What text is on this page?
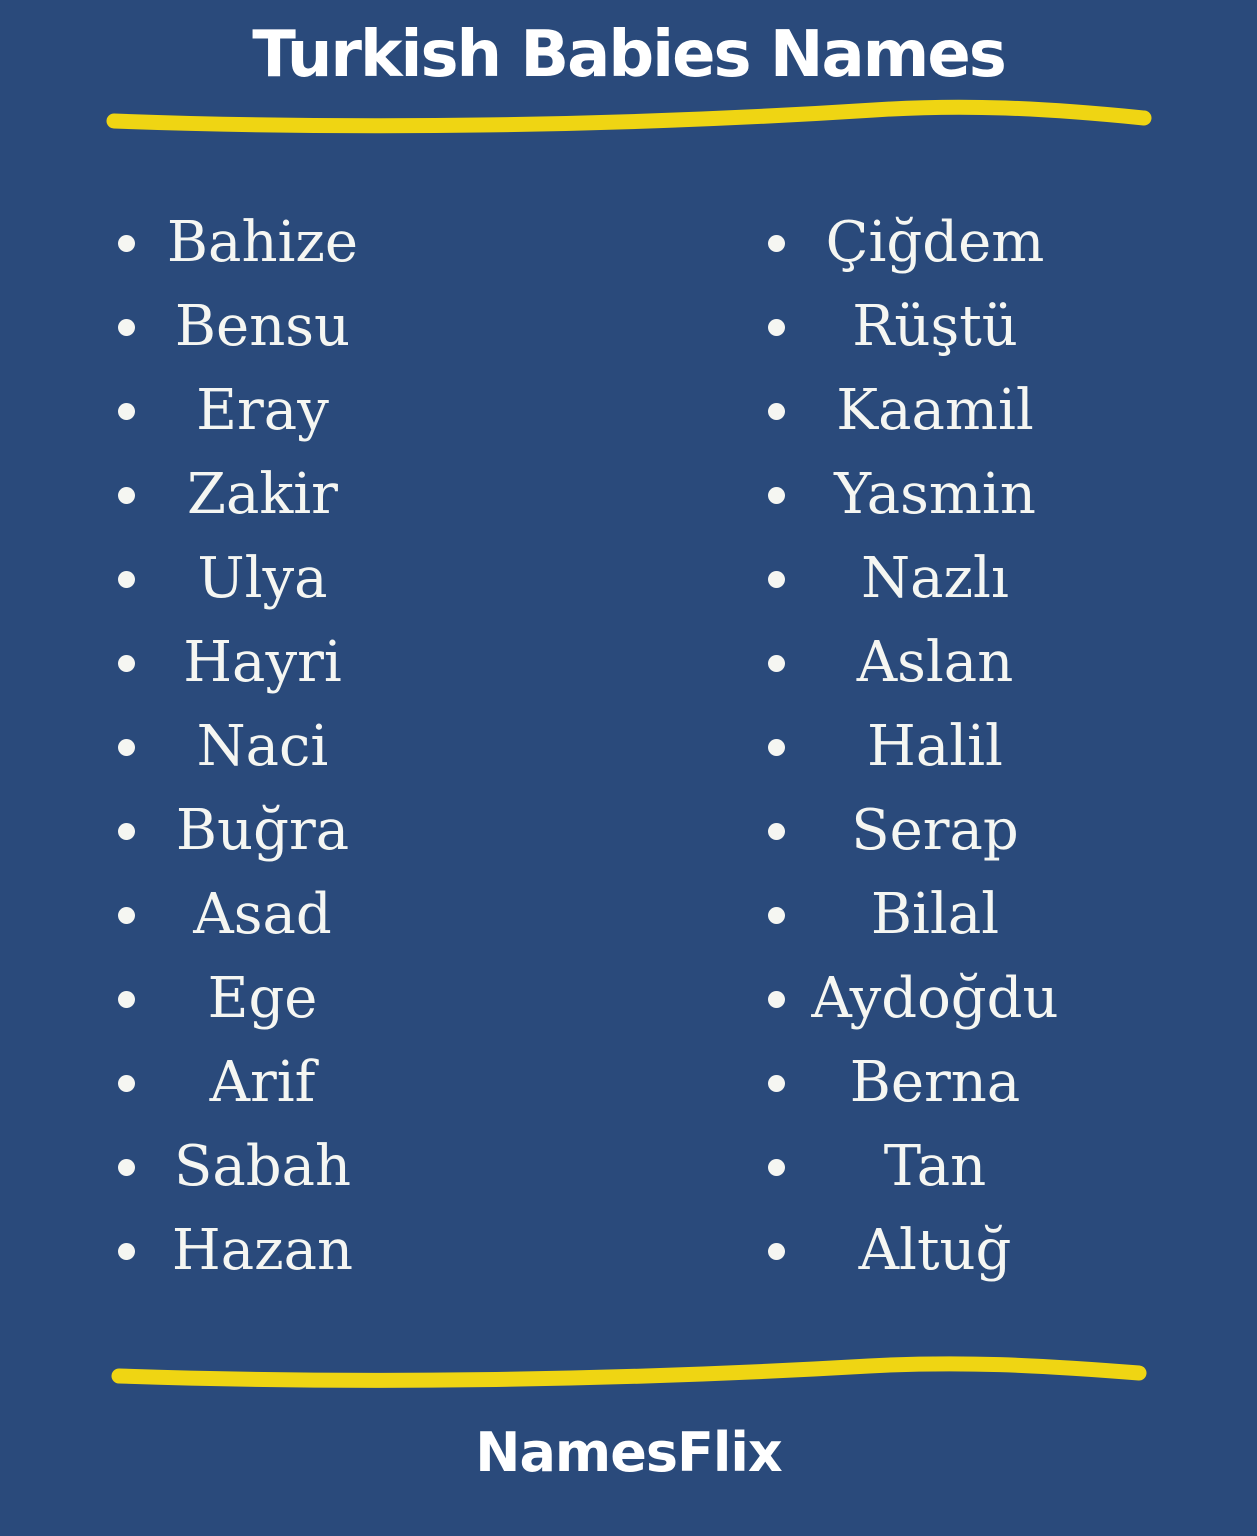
Turkish Babies Names
Bahize
Bensu
Eray
Zakir
Ulya
Hayri
Naci
Buğra
Asad
Ege
Arif
Sabah
Hazan
Çiğdem
Rüştü
Kaamil
Yasmin
Nazlı
Aslan
Halil
Serap
Bilal
Aydoğdu
Berna
Tan
Altuğ
NamesFlix
